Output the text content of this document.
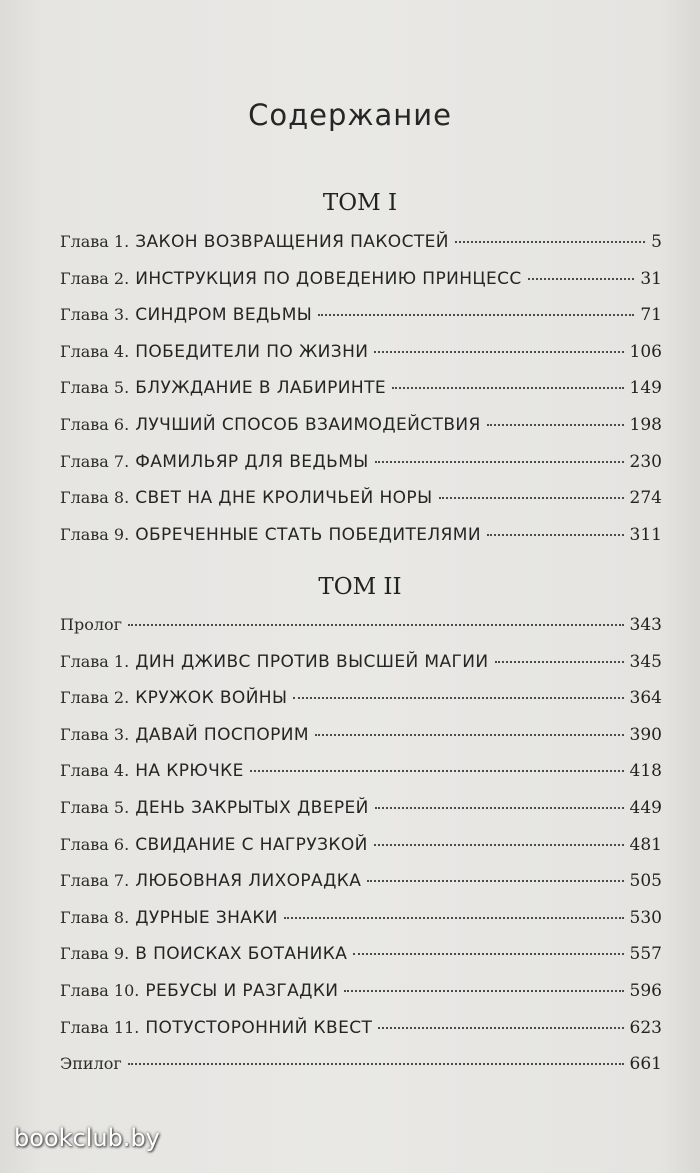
Содержание
ТОМ I
Глава 1. ЗАКОН ВОЗВРАЩЕНИЯ ПАКОСТЕЙ	5
Глава 2. ИНСТРУКЦИЯ ПО ДОВЕДЕНИЮ ПРИНЦЕСС	31
Глава 3. СИНДРОМ ВЕДЬМЫ	71
Глава 4. ПОБЕДИТЕЛИ ПО ЖИЗНИ	106
Глава 5. БЛУЖДАНИЕ В ЛАБИРИНТЕ	149
Глава 6. ЛУЧШИЙ СПОСОБ ВЗАИМОДЕЙСТВИЯ	198
Глава 7. ФАМИЛЬЯР ДЛЯ ВЕДЬМЫ	230
Глава 8. СВЕТ НА ДНЕ КРОЛИЧЬЕЙ НОРЫ	274
Глава 9. ОБРЕЧЕННЫЕ СТАТЬ ПОБЕДИТЕЛЯМИ	311
ТОМ II
Пролог	343
Глава 1. ДИН ДЖИВС ПРОТИВ ВЫСШЕЙ МАГИИ	345
Глава 2. КРУЖОК ВОЙНЫ	364
Глава 3. ДАВАЙ ПОСПОРИМ	390
Глава 4. НА КРЮЧКЕ	418
Глава 5. ДЕНЬ ЗАКРЫТЫХ ДВЕРЕЙ	449
Глава 6. СВИДАНИЕ С НАГРУЗКОЙ	481
Глава 7. ЛЮБОВНАЯ ЛИХОРАДКА	505
Глава 8. ДУРНЫЕ ЗНАКИ	530
Глава 9. В ПОИСКАХ БОТАНИКА	557
Глава 10. РЕБУСЫ И РАЗГАДКИ	596
Глава 11. ПОТУСТОРОННИЙ КВЕСТ	623
Эпилог	661
bookclub.by
